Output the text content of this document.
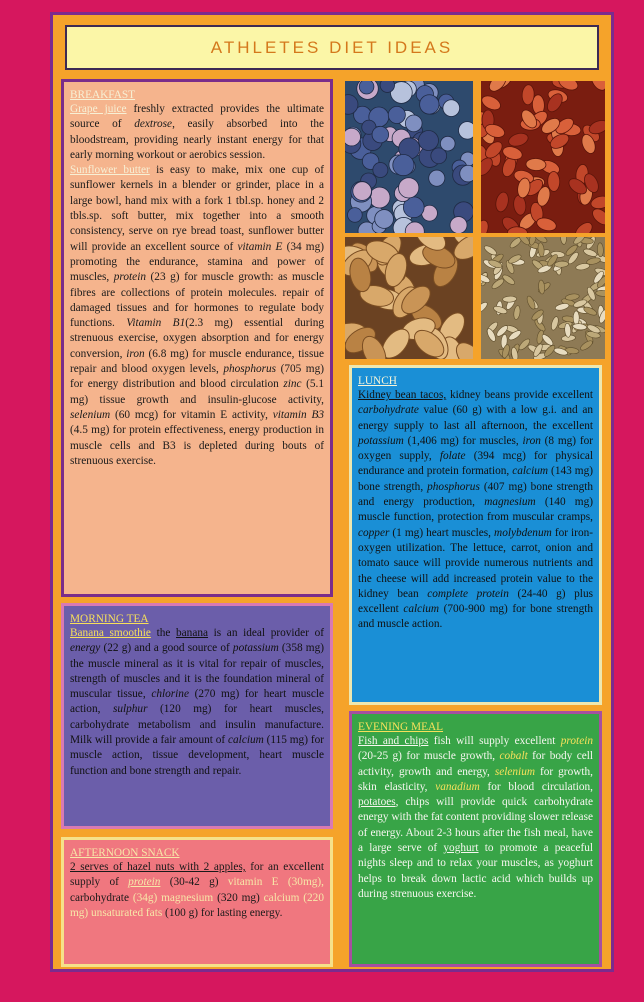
ATHLETES DIET IDEAS
BREAKFAST

Grape juice freshly extracted provides the ultimate source of dextrose, easily absorbed into the bloodstream, providing nearly instant energy for that early morning workout or aerobics session.

Sunflower butter is easy to make, mix one cup of sunflower kernels in a blender or grinder, place in a large bowl, hand mix with a fork 1 tbl.sp. honey and 2 tbls.sp. soft butter, mix together into a smooth consistency, serve on rye bread toast, sunflower butter will provide an excellent source of vitamin E (34 mg) promoting the endurance, stamina and power of muscles, protein (23 g) for muscle growth: as muscle fibres are collections of protein molecules. repair of damaged tissues and for hormones to regulate body functions. Vitamin B1(2.3 mg) essential during strenuous exercise, oxygen absorption and for energy conversion, iron (6.8 mg) for muscle endurance, tissue repair and blood oxygen levels, phosphorus (705 mg) for energy distribution and blood circulation zinc (5.1 mg) tissue growth and insulin-glucose activity, selenium (60 mcg) for vitamin E activity, vitamin B3 (4.5 mg) for protein effectiveness, energy production in muscle cells and B3 is depleted during bouts of strenuous exercise.

MORNING TEA

Banana smoothie the banana is an ideal provider of energy (22 g) and a good source of potassium (358 mg) the muscle mineral as it is vital for repair of muscles, strength of muscles and it is the foundation mineral of muscular tissue, chlorine (270 mg) for heart muscle action, sulphur (120 mg) for heart muscles, carbohydrate metabolism and insulin manufacture. Milk will provide a fair amount of calcium (115 mg) for muscle action, tissue development, heart muscle function and bone strength and repair.

AFTERNOON SNACK

2 serves of hazel nuts with 2 apples, for an excellent supply of protein (30-42 g) vitamin E (30mg), carbohydrate (34g) magnesium (320 mg) calcium (220 mg) unsaturated fats (100 g) for lasting energy.

LUNCH

Kidney bean tacos, kidney beans provide excellent carbohydrate value (60 g) with a low g.i. and an energy supply to last all afternoon, the excellent potassium (1,406 mg) for muscles, iron (8 mg) for oxygen supply, folate (394 mcg) for physical endurance and protein formation, calcium (143 mg) bone strength, phosphorus (407 mg) bone strength and energy production, magnesium (140 mg) muscle function, protection from muscular cramps, copper (1 mg) heart muscles, molybdenum for iron-oxygen utilization. The lettuce, carrot, onion and tomato sauce will provide numerous nutrients and the cheese will add increased protein value to the kidney bean complete protein (24-40 g) plus excellent calcium (700-900 mg) for bone strength and muscle action.

EVENING MEAL

Fish and chips fish will supply excellent protein (20-25 g) for muscle growth, cobalt for body cell activity, growth and energy, selenium for growth, skin elasticity, vanadium for blood circulation, potatoes, chips will provide quick carbohydrate energy with the fat content providing slower release of energy. About 2-3 hours after the fish meal, have a large serve of yoghurt to promote a peaceful nights sleep and to relax your muscles, as yoghurt helps to break down lactic acid which builds up during strenuous exercise.
